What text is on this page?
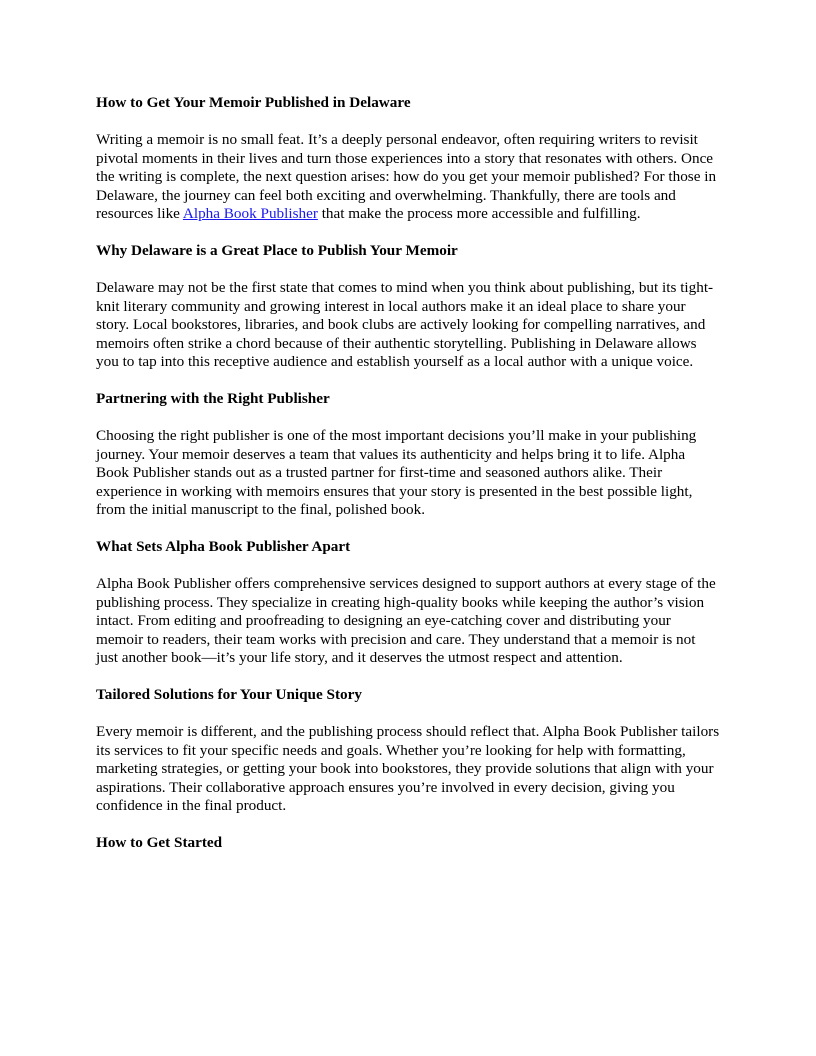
How to Get Your Memoir Published in Delaware

Writing a memoir is no small feat. It’s a deeply personal endeavor, often requiring writers to revisit pivotal moments in their lives and turn those experiences into a story that resonates with others. Once the writing is complete, the next question arises: how do you get your memoir published? For those in Delaware, the journey can feel both exciting and overwhelming. Thankfully, there are tools and resources like Alpha Book Publisher that make the process more accessible and fulfilling.

Why Delaware is a Great Place to Publish Your Memoir

Delaware may not be the first state that comes to mind when you think about publishing, but its tight-knit literary community and growing interest in local authors make it an ideal place to share your story. Local bookstores, libraries, and book clubs are actively looking for compelling narratives, and memoirs often strike a chord because of their authentic storytelling. Publishing in Delaware allows you to tap into this receptive audience and establish yourself as a local author with a unique voice.

Partnering with the Right Publisher

Choosing the right publisher is one of the most important decisions you’ll make in your publishing journey. Your memoir deserves a team that values its authenticity and helps bring it to life. Alpha Book Publisher stands out as a trusted partner for first-time and seasoned authors alike. Their experience in working with memoirs ensures that your story is presented in the best possible light, from the initial manuscript to the final, polished book.

What Sets Alpha Book Publisher Apart

Alpha Book Publisher offers comprehensive services designed to support authors at every stage of the publishing process. They specialize in creating high-quality books while keeping the author’s vision intact. From editing and proofreading to designing an eye-catching cover and distributing your memoir to readers, their team works with precision and care. They understand that a memoir is not just another book—it’s your life story, and it deserves the utmost respect and attention.

Tailored Solutions for Your Unique Story

Every memoir is different, and the publishing process should reflect that. Alpha Book Publisher tailors its services to fit your specific needs and goals. Whether you’re looking for help with formatting, marketing strategies, or getting your book into bookstores, they provide solutions that align with your aspirations. Their collaborative approach ensures you’re involved in every decision, giving you confidence in the final product.

How to Get Started
